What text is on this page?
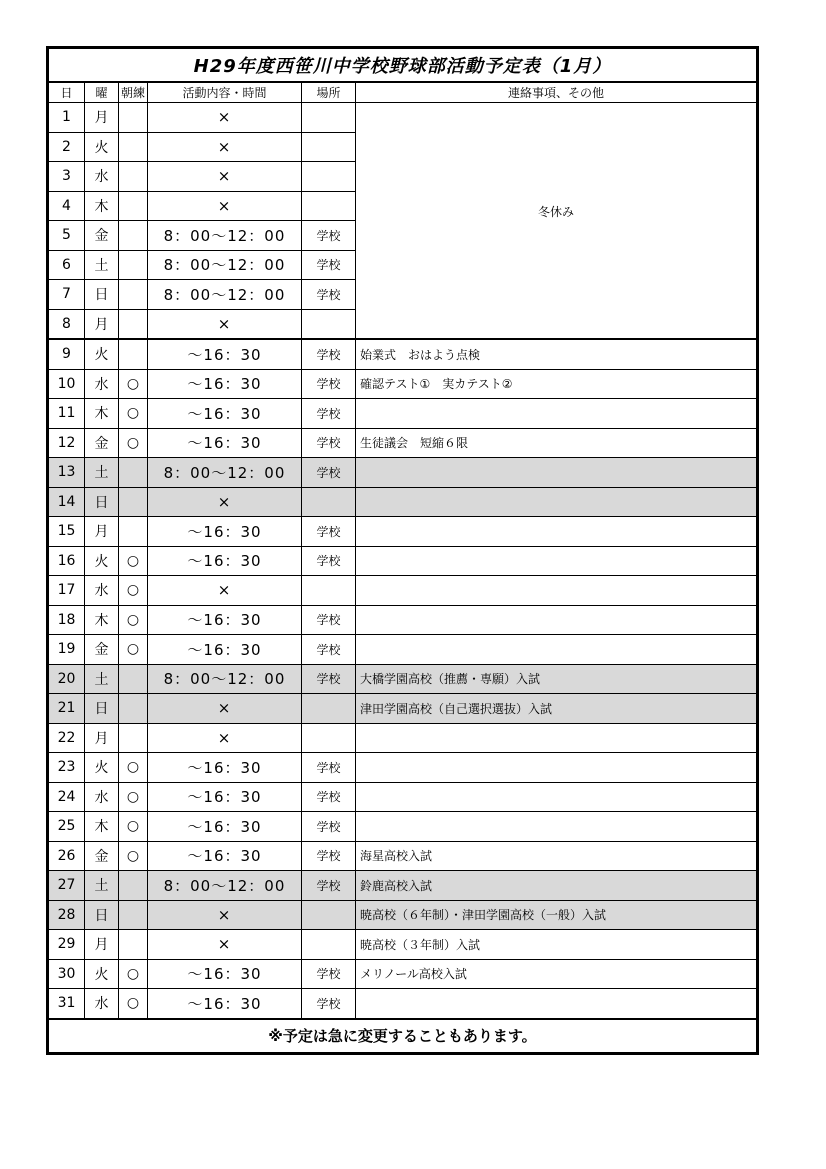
H29年度西笹川中学校野球部活動予定表（1月）					
日	曜	朝練	活動内容・時間	場所	連絡事項、その他
1	月		×		冬休み
2	火		×		
3	水		×		
4	木		×		
5	金		8：00〜12：00	学校	
6	土		8：00〜12：00	学校	
7	日		8：00〜12：00	学校	
8	月		×		
9	火		〜16：30	学校	始業式　おはよう点検
10	水	○	〜16：30	学校	確認テスト①　実カテスト②
11	木	○	〜16：30	学校	
12	金	○	〜16：30	学校	生徒議会　短縮６限
13	土		8：00〜12：00	学校	
14	日		×		
15	月		〜16：30	学校	
16	火	○	〜16：30	学校	
17	水	○	×		
18	木	○	〜16：30	学校	
19	金	○	〜16：30	学校	
20	土		8：00〜12：00	学校	大橋学園高校（推薦・専願）入試
21	日		×		津田学園高校（自己選択選抜）入試
22	月		×		
23	火	○	〜16：30	学校	
24	水	○	〜16：30	学校	
25	木	○	〜16：30	学校	
26	金	○	〜16：30	学校	海星高校入試
27	土		8：00〜12：00	学校	鈴鹿高校入試
28	日		×		暁高校（６年制）・津田学園高校（一般）入試
29	月		×		暁高校（３年制）入試
30	火	○	〜16：30	学校	メリノール高校入試
31	水	○	〜16：30	学校	
※予定は急に変更することもあります。					
